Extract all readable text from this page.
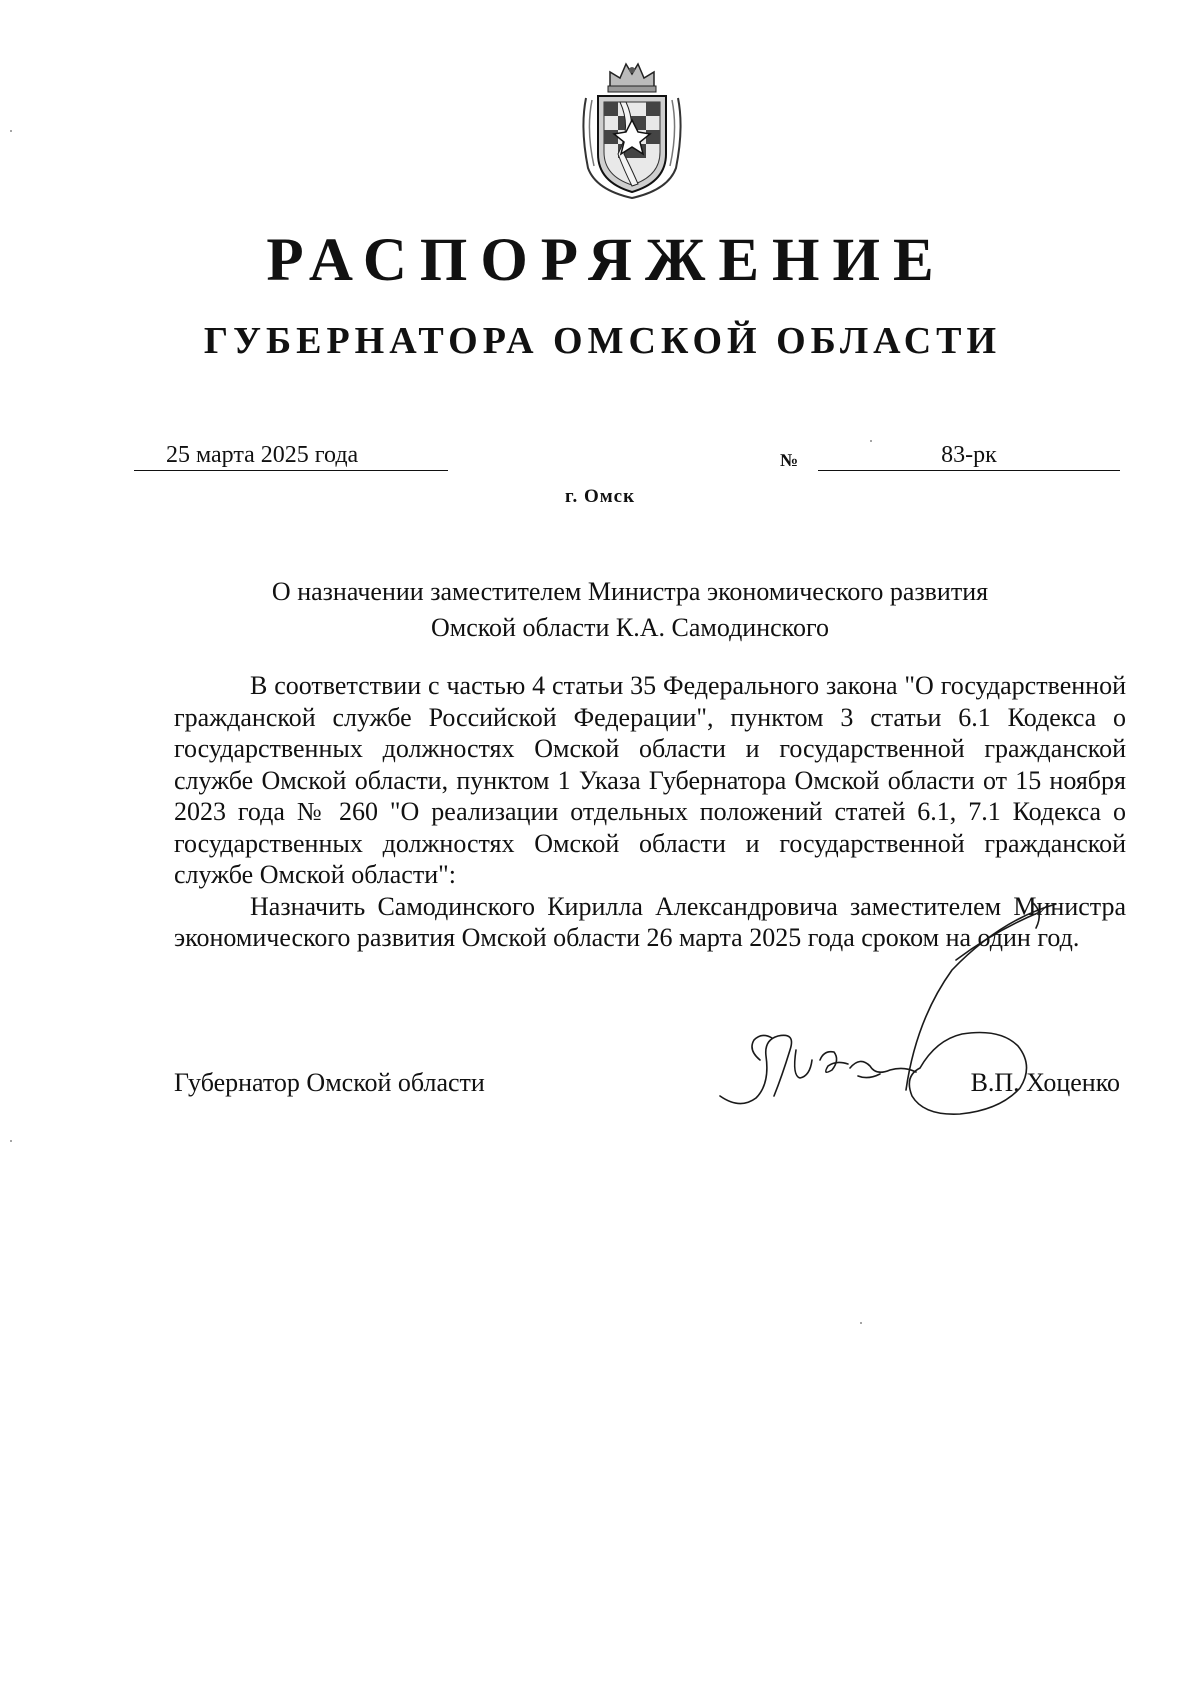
РАСПОРЯЖЕНИЕ
ГУБЕРНАТОРА ОМСКОЙ ОБЛАСТИ
25 марта 2025 года	№	83-рк
г. Омск
О назначении заместителем Министра экономического развития
Омской области К.А. Самодинского

В соответствии с частью 4 статьи 35 Федерального закона "О государственной гражданской службе Российской Федерации", пунктом 3 статьи 6.1 Кодекса о государственных должностях Омской области и государственной гражданской службе Омской области, пунктом 1 Указа Губернатора Омской области от 15 ноября 2023 года № 260 "О реализации отдельных положений статей 6.1, 7.1 Кодекса о государственных должностях Омской области и государственной гражданской службе Омской области":

Назначить Самодинского Кирилла Александровича заместителем Министра экономического развития Омской области 26 марта 2025 года сроком на один год.

Губернатор Омской области	В.П. Хоценко
